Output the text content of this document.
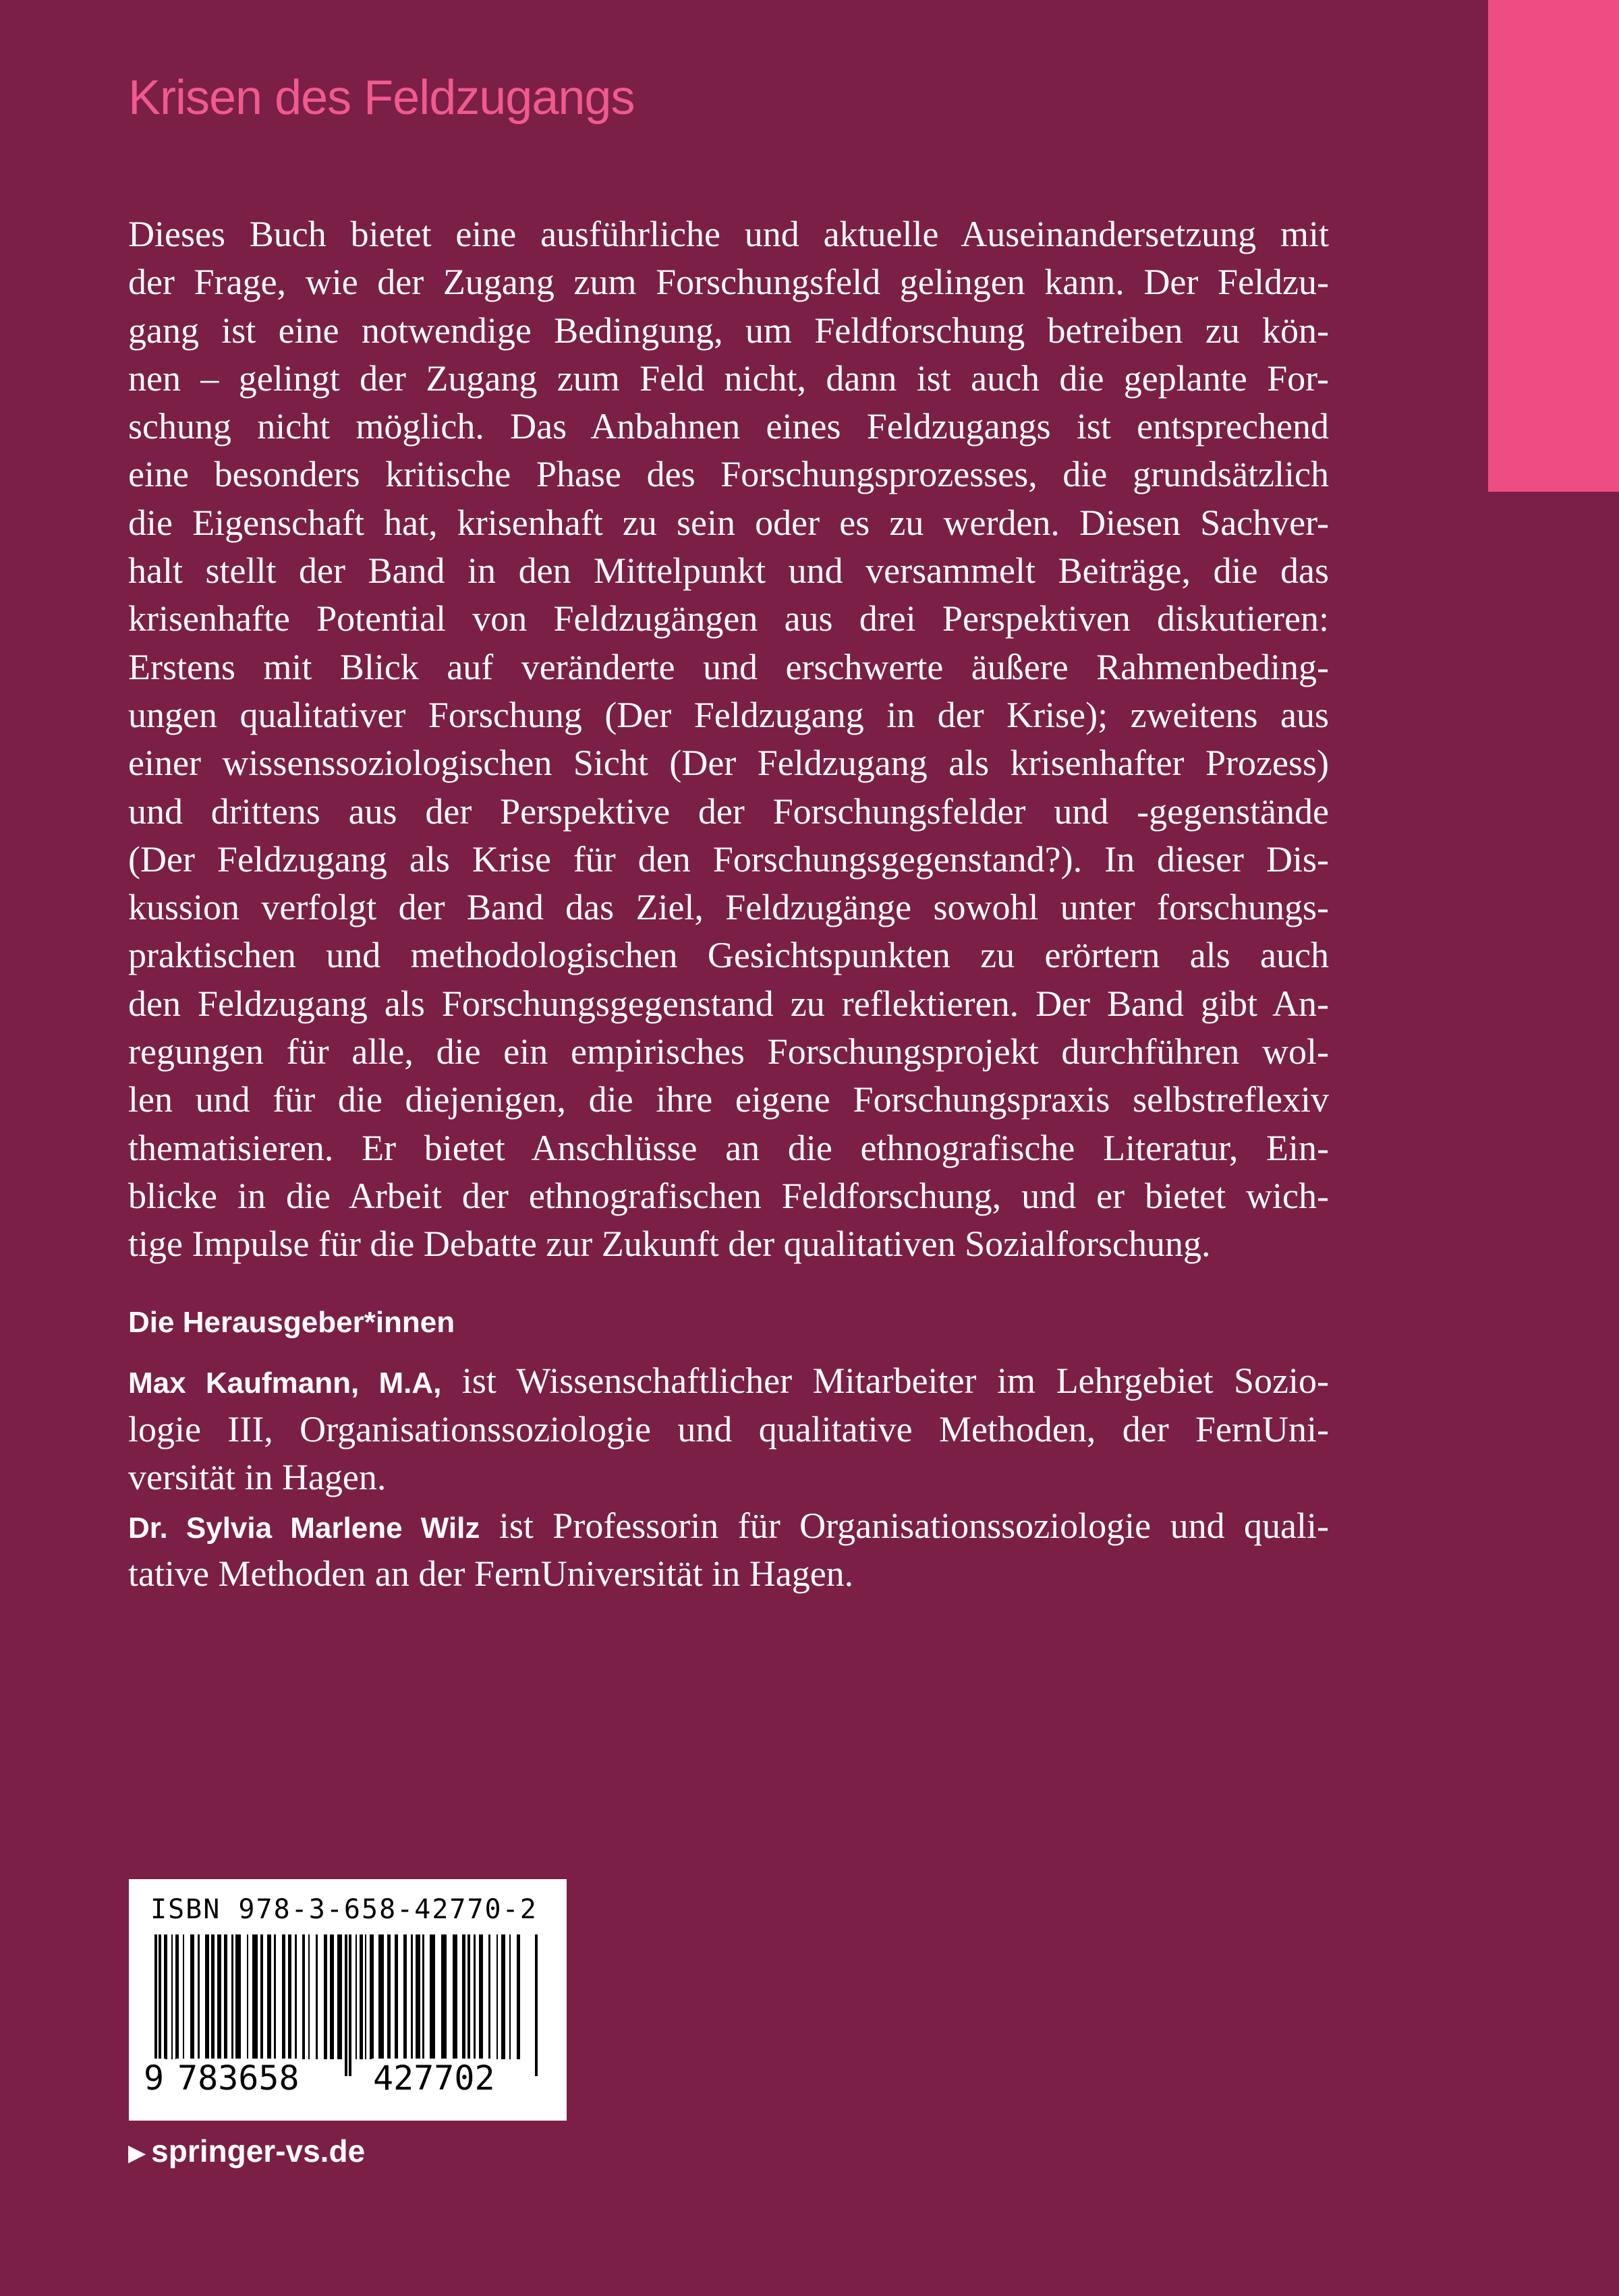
Krisen des Feldzugangs
Dieses Buch bietet eine ausführliche und aktuelle Auseinandersetzung mit
der Frage, wie der Zugang zum Forschungsfeld gelingen kann. Der Feldzu-
gang ist eine notwendige Bedingung, um Feldforschung betreiben zu kön-
nen – gelingt der Zugang zum Feld nicht, dann ist auch die geplante For-
schung nicht möglich. Das Anbahnen eines Feldzugangs ist entsprechend
eine besonders kritische Phase des Forschungsprozesses, die grundsätzlich
die Eigenschaft hat, krisenhaft zu sein oder es zu werden. Diesen Sachver-
halt stellt der Band in den Mittelpunkt und versammelt Beiträge, die das
krisenhafte Potential von Feldzugängen aus drei Perspektiven diskutieren:
Erstens mit Blick auf veränderte und erschwerte äußere Rahmenbeding-
ungen qualitativer Forschung (Der Feldzugang in der Krise); zweitens aus
einer wissenssoziologischen Sicht (Der Feldzugang als krisenhafter Prozess)
und drittens aus der Perspektive der Forschungsfelder und -gegenstände
(Der Feldzugang als Krise für den Forschungsgegenstand?). In dieser Dis-
kussion verfolgt der Band das Ziel, Feldzugänge sowohl unter forschungs-
praktischen und methodologischen Gesichtspunkten zu erörtern als auch
den Feldzugang als Forschungsgegenstand zu reflektieren. Der Band gibt An-
regungen für alle, die ein empirisches Forschungsprojekt durchführen wol-
len und für die diejenigen, die ihre eigene Forschungspraxis selbstreflexiv
thematisieren. Er bietet Anschlüsse an die ethnografische Literatur, Ein-
blicke in die Arbeit der ethnografischen Feldforschung, und er bietet wich-
tige Impulse für die Debatte zur Zukunft der qualitativen Sozialforschung.
Die Herausgeber*innen
Max Kaufmann, M.A, ist Wissenschaftlicher Mitarbeiter im Lehrgebiet Sozio-
logie III, Organisationssoziologie und qualitative Methoden, der FernUni-
versität in Hagen.
Dr. Sylvia Marlene Wilz ist Professorin für Organisationssoziologie und quali-
tative Methoden an der FernUniversität in Hagen.

ISBN 978-3-658-42770-2

9 783658 427702

▶ springer-vs.de
